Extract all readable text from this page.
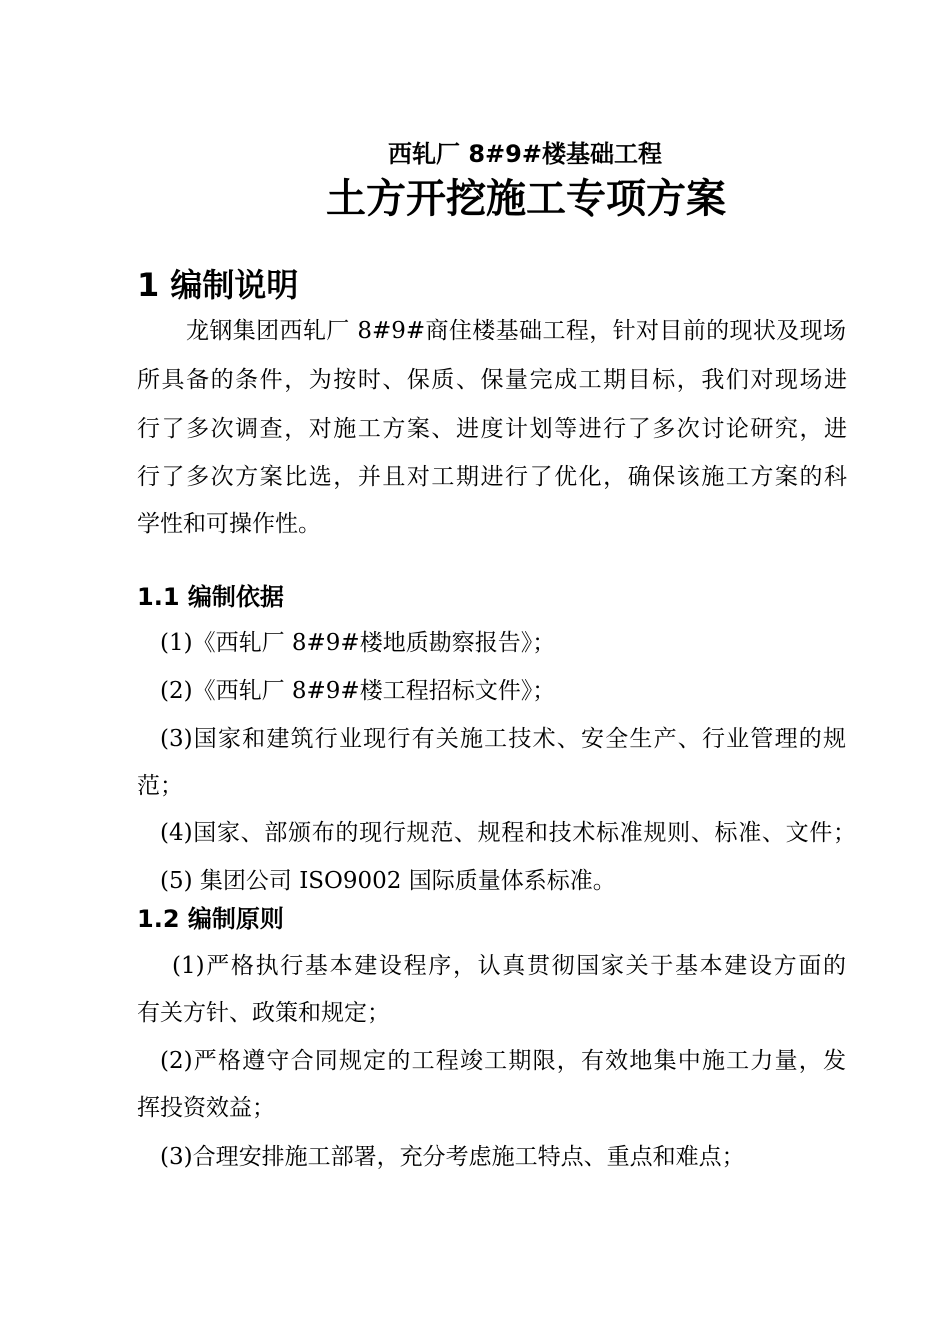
西轧厂 8#9#楼基础工程
土方开挖施工专项方案
1 编制说明
龙钢集团西轧厂 8#9#商住楼基础工程，针对目前的现状及现场
所具备的条件，为按时、保质、保量完成工期目标，我们对现场进
行了多次调查，对施工方案、进度计划等进行了多次讨论研究，进
行了多次方案比选，并且对工期进行了优化，确保该施工方案的科
学性和可操作性。
1.1 编制依据
(1)《西轧厂 8#9#楼地质勘察报告》；
(2)《西轧厂 8#9#楼工程招标文件》；
(3)国家和建筑行业现行有关施工技术、安全生产、行业管理的规
范；
(4)国家、部颁布的现行规范、规程和技术标准规则、标准、文件；
(5) 集团公司 ISO9002 国际质量体系标准。
1.2 编制原则
(1)严格执行基本建设程序，认真贯彻国家关于基本建设方面的
有关方针、政策和规定；
(2)严格遵守合同规定的工程竣工期限，有效地集中施工力量，发
挥投资效益；
(3)合理安排施工部署，充分考虑施工特点、重点和难点；
